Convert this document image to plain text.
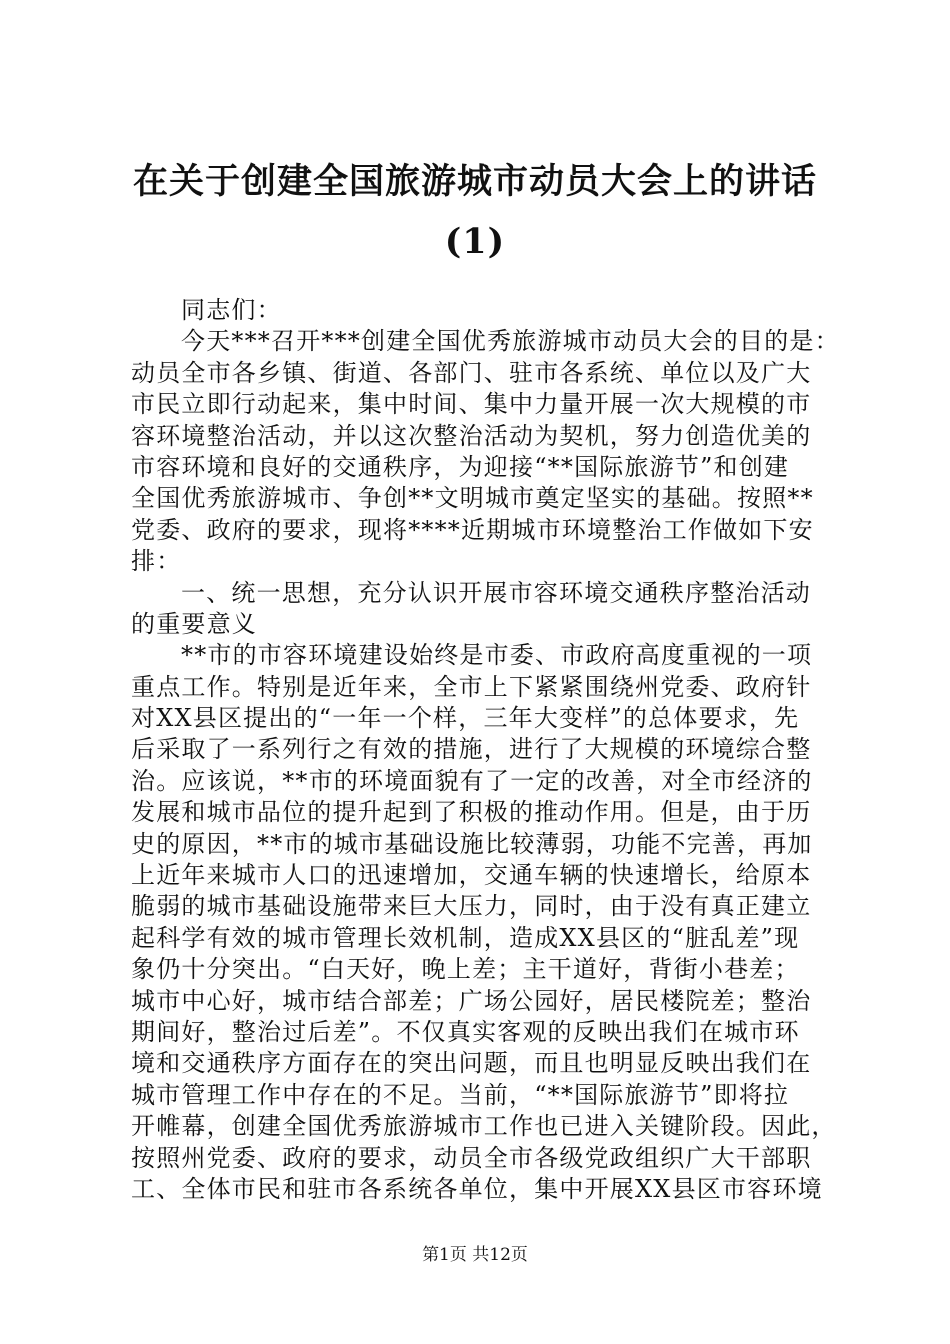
在关于创建全国旅游城市动员大会上的讲话
(1)
同志们：
今天***召开***创建全国优秀旅游城市动员大会的目的是：
动员全市各乡镇、街道、各部门、驻市各系统、单位以及广大
市民立即行动起来，集中时间、集中力量开展一次大规模的市
容环境整治活动，并以这次整治活动为契机，努力创造优美的
市容环境和良好的交通秩序，为迎接“**国际旅游节”和创建
全国优秀旅游城市、争创**文明城市奠定坚实的基础。按照**
党委、政府的要求，现将****近期城市环境整治工作做如下安
排：
一、统一思想，充分认识开展市容环境交通秩序整治活动
的重要意义
**市的市容环境建设始终是市委、市政府高度重视的一项
重点工作。特别是近年来，全市上下紧紧围绕州党委、政府针
对XX县区提出的“一年一个样，三年大变样”的总体要求，先
后采取了一系列行之有效的措施，进行了大规模的环境综合整
治。应该说，**市的环境面貌有了一定的改善，对全市经济的
发展和城市品位的提升起到了积极的推动作用。但是，由于历
史的原因，**市的城市基础设施比较薄弱，功能不完善，再加
上近年来城市人口的迅速增加，交通车辆的快速增长，给原本
脆弱的城市基础设施带来巨大压力，同时，由于没有真正建立
起科学有效的城市管理长效机制，造成XX县区的“脏乱差”现
象仍十分突出。“白天好，晚上差；主干道好，背街小巷差；
城市中心好，城市结合部差；广场公园好，居民楼院差；整治
期间好，整治过后差”。不仅真实客观的反映出我们在城市环
境和交通秩序方面存在的突出问题，而且也明显反映出我们在
城市管理工作中存在的不足。当前，“**国际旅游节”即将拉
开帷幕，创建全国优秀旅游城市工作也已进入关键阶段。因此，
按照州党委、政府的要求，动员全市各级党政组织广大干部职
工、全体市民和驻市各系统各单位，集中开展XX县区市容环境
第1页 共12页
